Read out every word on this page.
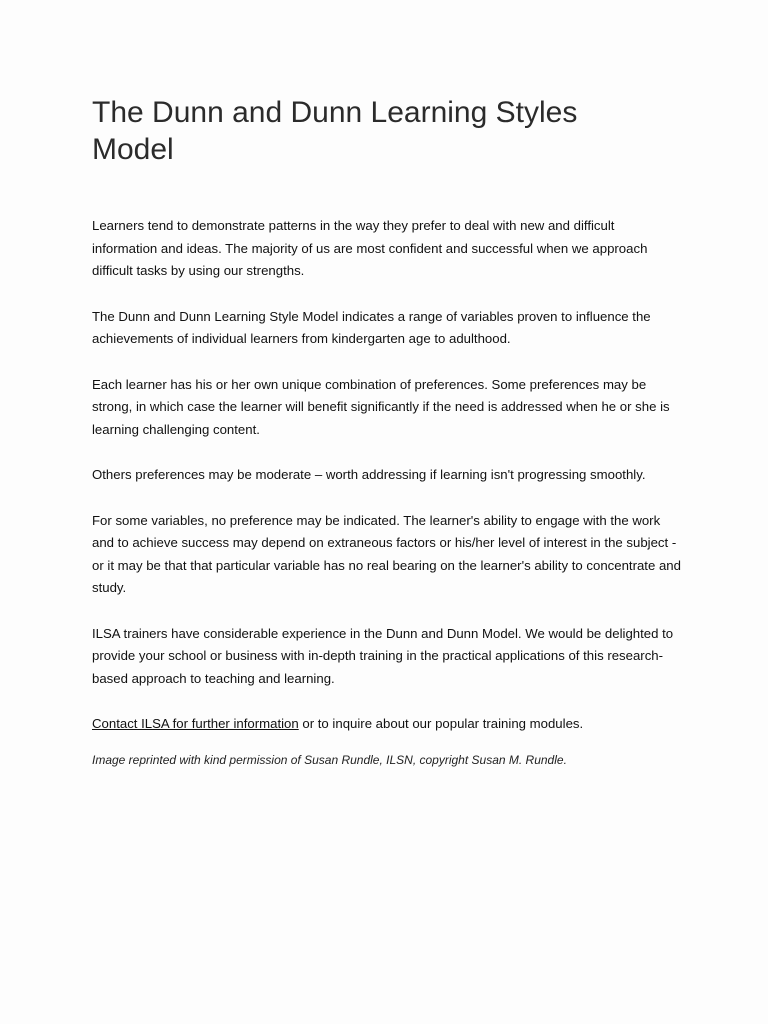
The Dunn and Dunn Learning Styles Model

Learners tend to demonstrate patterns in the way they prefer to deal with new and difficult information and ideas. The majority of us are most confident and successful when we approach difficult tasks by using our strengths.

The Dunn and Dunn Learning Style Model indicates a range of variables proven to influence the achievements of individual learners from kindergarten age to adulthood.

Each learner has his or her own unique combination of preferences. Some preferences may be strong, in which case the learner will benefit significantly if the need is addressed when he or she is learning challenging content.

Others preferences may be moderate – worth addressing if learning isn't progressing smoothly.

For some variables, no preference may be indicated. The learner's ability to engage with the work and to achieve success may depend on extraneous factors or his/her level of interest in the subject - or it may be that that particular variable has no real bearing on the learner's ability to concentrate and study.

ILSA trainers have considerable experience in the Dunn and Dunn Model. We would be delighted to provide your school or business with in-depth training in the practical applications of this research-based approach to teaching and learning.

Contact ILSA for further information or to inquire about our popular training modules.

Image reprinted with kind permission of Susan Rundle, ILSN, copyright Susan M. Rundle.
